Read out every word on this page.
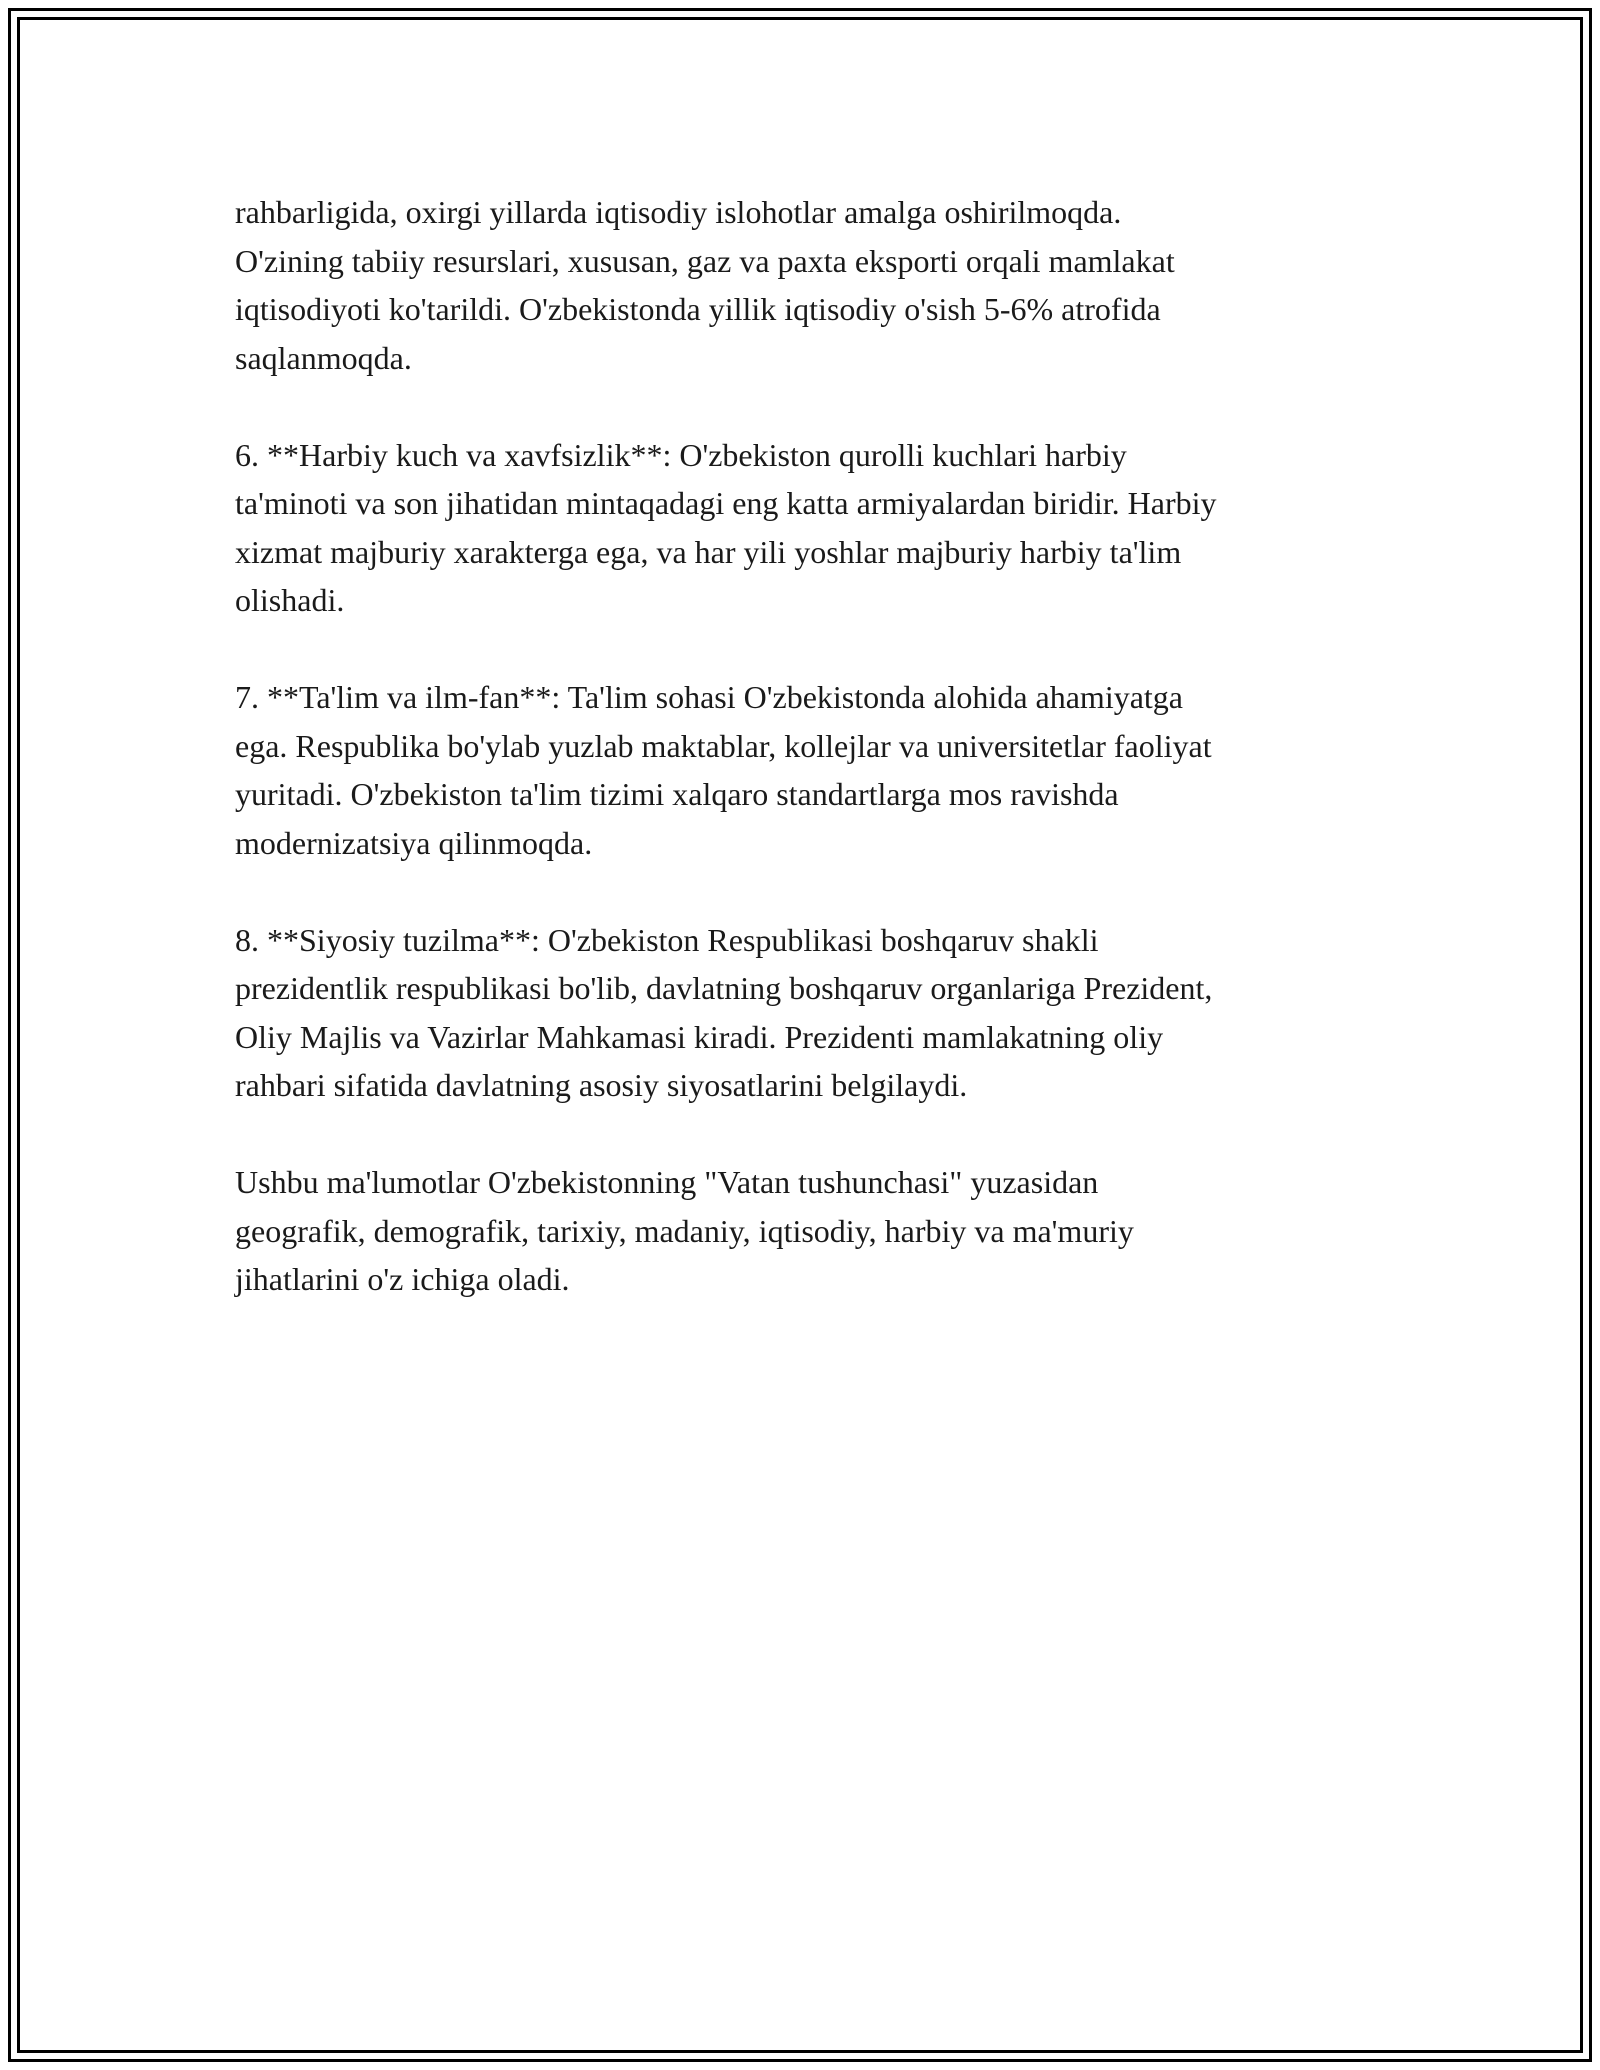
rahbarligida, oxirgi yillarda iqtisodiy islohotlar amalga oshirilmoqda.
O'zining tabiiy resurslari, xususan, gaz va paxta eksporti orqali mamlakat
iqtisodiyoti ko'tarildi. O'zbekistonda yillik iqtisodiy o'sish 5-6% atrofida
saqlanmoqda.

6. **Harbiy kuch va xavfsizlik**: O'zbekiston qurolli kuchlari harbiy
ta'minoti va son jihatidan mintaqadagi eng katta armiyalardan biridir. Harbiy
xizmat majburiy xarakterga ega, va har yili yoshlar majburiy harbiy ta'lim
olishadi.

7. **Ta'lim va ilm-fan**: Ta'lim sohasi O'zbekistonda alohida ahamiyatga
ega. Respublika bo'ylab yuzlab maktablar, kollejlar va universitetlar faoliyat
yuritadi. O'zbekiston ta'lim tizimi xalqaro standartlarga mos ravishda
modernizatsiya qilinmoqda.

8. **Siyosiy tuzilma**: O'zbekiston Respublikasi boshqaruv shakli
prezidentlik respublikasi bo'lib, davlatning boshqaruv organlariga Prezident,
Oliy Majlis va Vazirlar Mahkamasi kiradi. Prezidenti mamlakatning oliy
rahbari sifatida davlatning asosiy siyosatlarini belgilaydi.

Ushbu ma'lumotlar O'zbekistonning "Vatan tushunchasi" yuzasidan
geografik, demografik, tarixiy, madaniy, iqtisodiy, harbiy va ma'muriy
jihatlarini o'z ichiga oladi.
